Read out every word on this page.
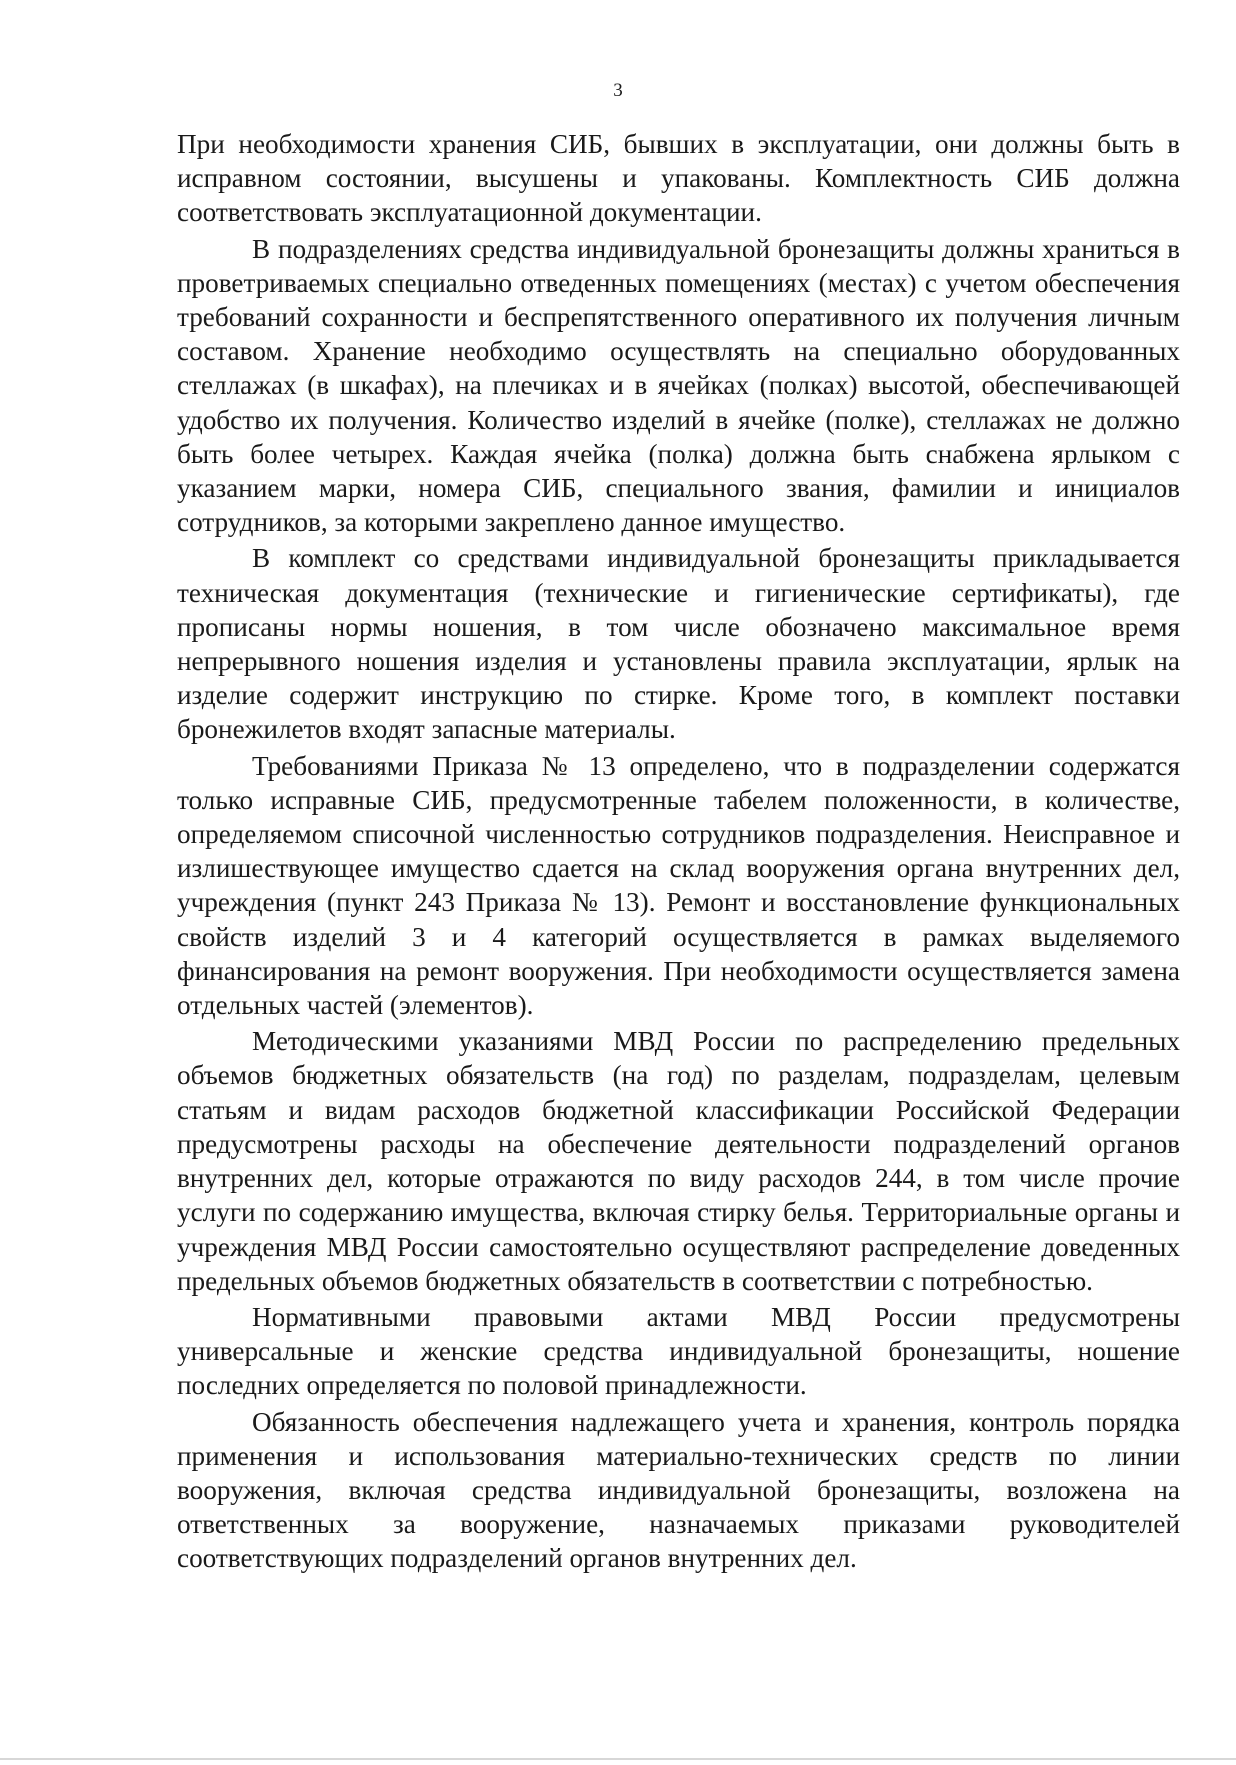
3

При необходимости хранения СИБ, бывших в эксплуатации, они должны быть в исправном состоянии, высушены и упакованы. Комплектность СИБ должна соответствовать эксплуатационной документации.

В подразделениях средства индивидуальной бронезащиты должны храниться в проветриваемых специально отведенных помещениях (местах) с учетом обеспечения требований сохранности и беспрепятственного оперативного их получения личным составом. Хранение необходимо осуществлять на специально оборудованных стеллажах (в шкафах), на плечиках и в ячейках (полках) высотой, обеспечивающей удобство их получения. Количество изделий в ячейке (полке), стеллажах не должно быть более четырех. Каждая ячейка (полка) должна быть снабжена ярлыком с указанием марки, номера СИБ, специального звания, фамилии и инициалов сотрудников, за которыми закреплено данное имущество.

В комплект со средствами индивидуальной бронезащиты прикладывается техническая документация (технические и гигиенические сертификаты), где прописаны нормы ношения, в том числе обозначено максимальное время непрерывного ношения изделия и установлены правила эксплуатации, ярлык на изделие содержит инструкцию по стирке. Кроме того, в комплект поставки бронежилетов входят запасные материалы.

Требованиями Приказа № 13 определено, что в подразделении содержатся только исправные СИБ, предусмотренные табелем положенности, в количестве, определяемом списочной численностью сотрудников подразделения. Неисправное и излишествующее имущество сдается на склад вооружения органа внутренних дел, учреждения (пункт 243 Приказа № 13). Ремонт и восстановление функциональных свойств изделий 3 и 4 категорий осуществляется в рамках выделяемого финансирования на ремонт вооружения. При необходимости осуществляется замена отдельных частей (элементов).

Методическими указаниями МВД России по распределению предельных объемов бюджетных обязательств (на год) по разделам, подразделам, целевым статьям и видам расходов бюджетной классификации Российской Федерации предусмотрены расходы на обеспечение деятельности подразделений органов внутренних дел, которые отражаются по виду расходов 244, в том числе прочие услуги по содержанию имущества, включая стирку белья. Территориальные органы и учреждения МВД России самостоятельно осуществляют распределение доведенных предельных объемов бюджетных обязательств в соответствии с потребностью.

Нормативными правовыми актами МВД России предусмотрены универсальные и женские средства индивидуальной бронезащиты, ношение последних определяется по половой принадлежности.

Обязанность обеспечения надлежащего учета и хранения, контроль порядка применения и использования материально-технических средств по линии вооружения, включая средства индивидуальной бронезащиты, возложена на ответственных за вооружение, назначаемых приказами руководителей соответствующих подразделений органов внутренних дел.
